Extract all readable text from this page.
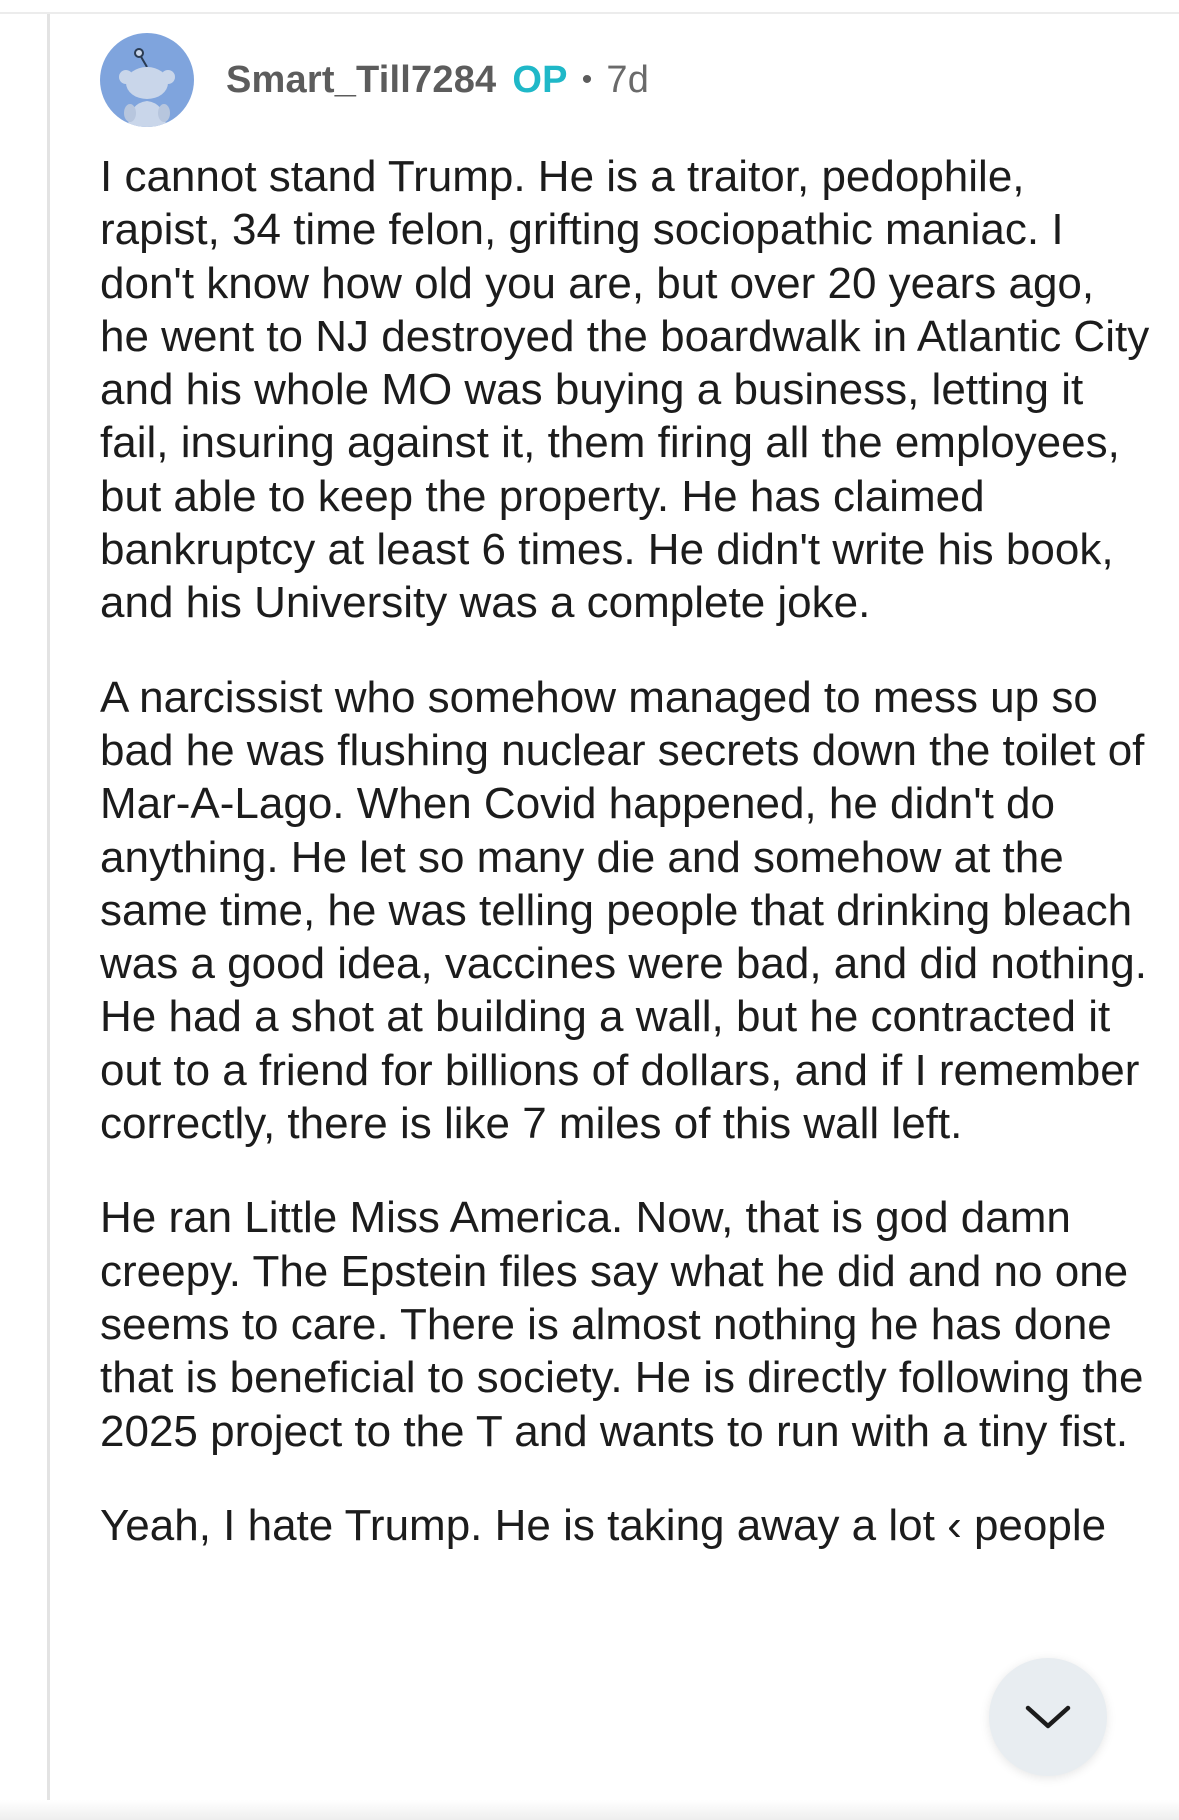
Smart_Till7284 OP • 7d

I cannot stand Trump. He is a traitor, pedophile, rapist, 34 time felon, grifting sociopathic maniac. I don't know how old you are, but over 20 years ago, he went to NJ destroyed the boardwalk in Atlantic City and his whole MO was buying a business, letting it fail, insuring against it, them firing all the employees, but able to keep the property. He has claimed bankruptcy at least 6 times. He didn't write his book, and his University was a complete joke.

A narcissist who somehow managed to mess up so bad he was flushing nuclear secrets down the toilet of Mar-A-Lago. When Covid happened, he didn't do anything. He let so many die and somehow at the same time, he was telling people that drinking bleach was a good idea, vaccines were bad, and did nothing. He had a shot at building a wall, but he contracted it out to a friend for billions of dollars, and if I remember correctly, there is like 7 miles of this wall left.

He ran Little Miss America. Now, that is god damn creepy. The Epstein files say what he did and no one seems to care. There is almost nothing he has done that is beneficial to society. He is directly following the 2025 project to the T and wants to run with a tiny fist.

Yeah, I hate Trump. He is taking away a lot ‹ people
